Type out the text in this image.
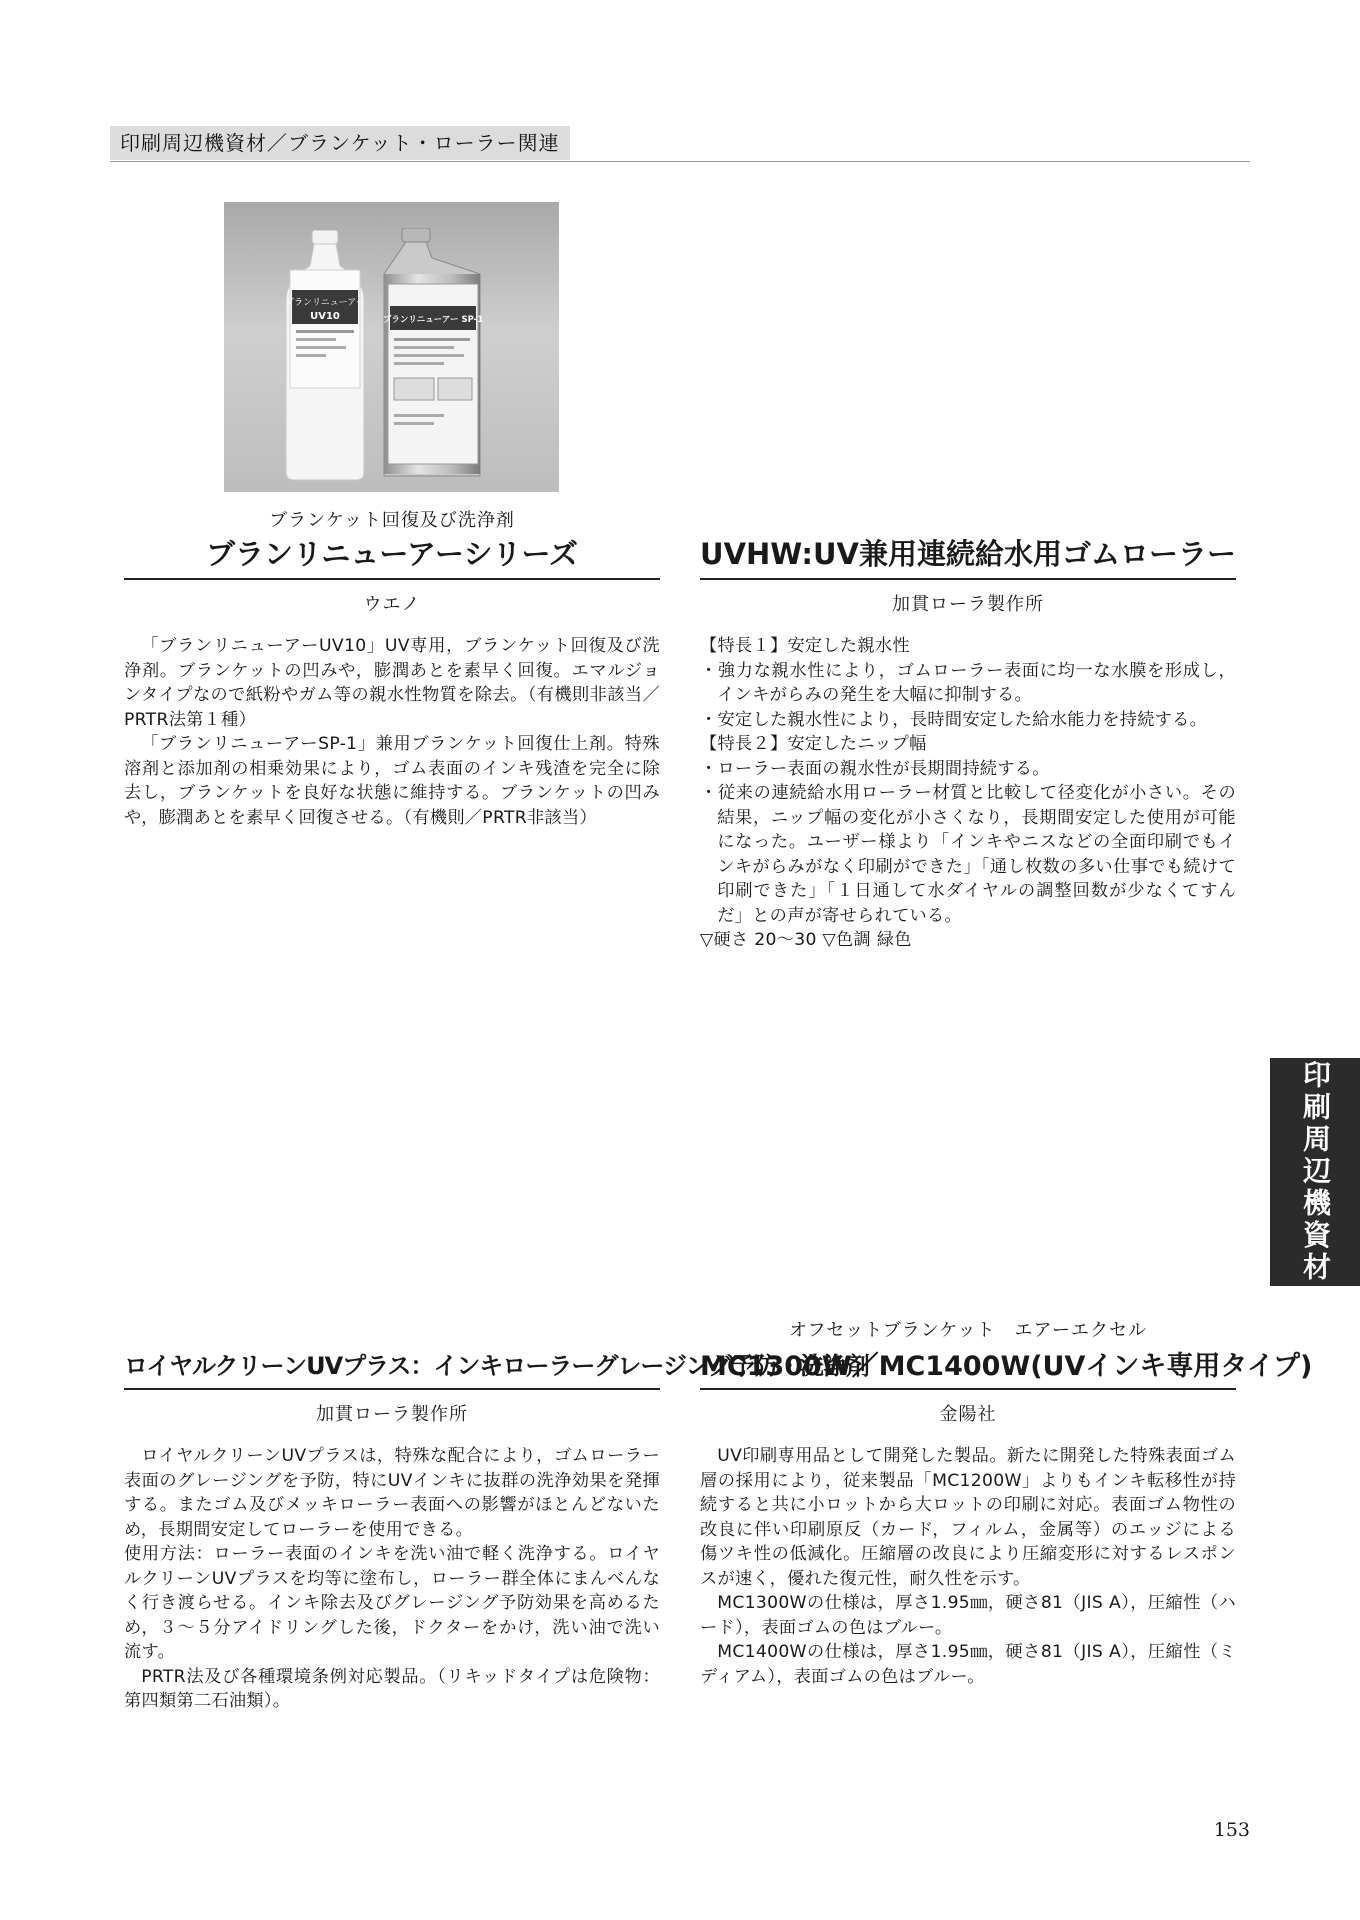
印刷周辺機資材／ブランケット・ローラー関連
ブランリニューアー
UV10	ブランリニューアー SP-1
ブランケット回復及び洗浄剤
ブランリニューアーシリーズ
ウエノ

「ブランリニューアーUV10」UV専用，ブランケット回復及び洗浄剤。ブランケットの凹みや，膨潤あとを素早く回復。エマルジョンタイプなので紙粉やガム等の親水性物質を除去。（有機則非該当／PRTR法第１種）

「ブランリニューアーSP-1」兼用ブランケット回復仕上剤。特殊溶剤と添加剤の相乗効果により，ゴム表面のインキ残渣を完全に除去し，ブランケットを良好な状態に維持する。ブランケットの凹みや，膨潤あとを素早く回復させる。（有機則／PRTR非該当）

UVHW:UV兼用連続給水用ゴムローラー
加貫ローラ製作所

【特長１】安定した親水性

・強力な親水性により，ゴムローラー表面に均一な水膜を形成し，インキがらみの発生を大幅に抑制する。

・安定した親水性により，長時間安定した給水能力を持続する。

【特長２】安定したニップ幅

・ローラー表面の親水性が長期間持続する。

・従来の連続給水用ローラー材質と比較して径変化が小さい。その結果，ニップ幅の変化が小さくなり，長期間安定した使用が可能になった。ユーザー様より「インキやニスなどの全面印刷でもインキがらみがなく印刷ができた」「通し枚数の多い仕事でも続けて印刷できた」「１日通して水ダイヤルの調整回数が少なくてすんだ」との声が寄せられている。

▽硬さ 20〜30 ▽色調 緑色

ロイヤルクリーンUVプラス：インキローラーグレージング予防・洗浄剤
加貫ローラ製作所

ロイヤルクリーンUVプラスは，特殊な配合により，ゴムローラー表面のグレージングを予防，特にUVインキに抜群の洗浄効果を発揮する。またゴム及びメッキローラー表面への影響がほとんどないため，長期間安定してローラーを使用できる。

使用方法：ローラー表面のインキを洗い油で軽く洗浄する。ロイヤルクリーンUVプラスを均等に塗布し，ローラー群全体にまんべんなく行き渡らせる。インキ除去及びグレージング予防効果を高めるため，３〜５分アイドリングした後，ドクターをかけ，洗い油で洗い流す。

PRTR法及び各種環境条例対応製品。（リキッドタイプは危険物：第四類第二石油類）。

オフセットブランケット　エアーエクセル
MC1300W／MC1400W(UVインキ専用タイプ)
金陽社

UV印刷専用品として開発した製品。新たに開発した特殊表面ゴム層の採用により，従来製品「MC1200W」よりもインキ転移性が持続すると共に小ロットから大ロットの印刷に対応。表面ゴム物性の改良に伴い印刷原反（カード，フィルム，金属等）のエッジによる傷ツキ性の低減化。圧縮層の改良により圧縮変形に対するレスポンスが速く，優れた復元性，耐久性を示す。

MC1300Wの仕様は，厚さ1.95㎜，硬さ81（JIS A），圧縮性（ハード），表面ゴムの色はブルー。

MC1400Wの仕様は，厚さ1.95㎜，硬さ81（JIS A），圧縮性（ミディアム），表面ゴムの色はブルー。

印刷周辺機資材
153
